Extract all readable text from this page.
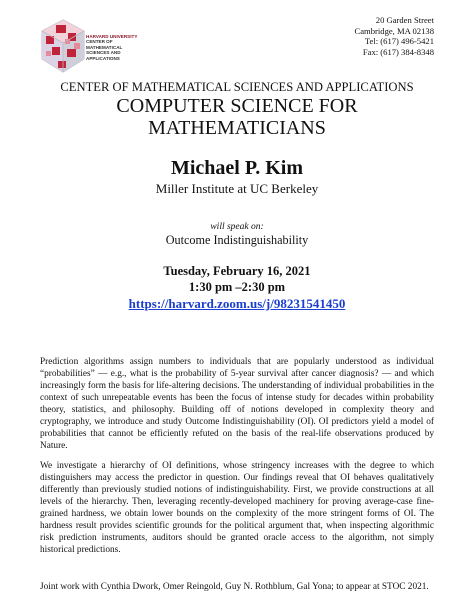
HARVARD UNIVERSITY
CENTER OF MATHEMATICAL
SCIENCES AND APPLICATIONS
20 Garden Street
Cambridge, MA 02138
Tel: (617) 496-5421
Fax: (617) 384-8348
CENTER OF MATHEMATICAL SCIENCES AND APPLICATIONS
COMPUTER SCIENCE FOR
MATHEMATICIANS
Michael P. Kim
Miller Institute at UC Berkeley
will speak on:
Outcome Indistinguishability
Tuesday, February 16, 2021
1:30 pm –2:30 pm
https://harvard.zoom.us/j/98231541450
Prediction algorithms assign numbers to individuals that are popularly understood as individual “probabilities” — e.g., what is the probability of 5-year survival after cancer diagnosis? — and which increasingly form the basis for life-altering decisions. The understanding of individual probabilities in the context of such unrepeatable events has been the focus of intense study for decades within probability theory, statistics, and philosophy. Building off of notions developed in complexity theory and cryptography, we introduce and study Outcome Indistinguishability (OI). OI predictors yield a model of probabilities that cannot be efficiently refuted on the basis of the real-life observations produced by Nature.
We investigate a hierarchy of OI definitions, whose stringency increases with the degree to which distinguishers may access the predictor in question. Our findings reveal that OI behaves qualitatively differently than previously studied notions of indistinguishability. First, we provide constructions at all levels of the hierarchy. Then, leveraging recently-developed machinery for proving average-case fine-grained hardness, we obtain lower bounds on the complexity of the more stringent forms of OI. The hardness result provides scientific grounds for the political argument that, when inspecting algorithmic risk prediction instruments, auditors should be granted oracle access to the algorithm, not simply historical predictions.
Joint work with Cynthia Dwork, Omer Reingold, Guy N. Rothblum, Gal Yona; to appear at STOC 2021.
